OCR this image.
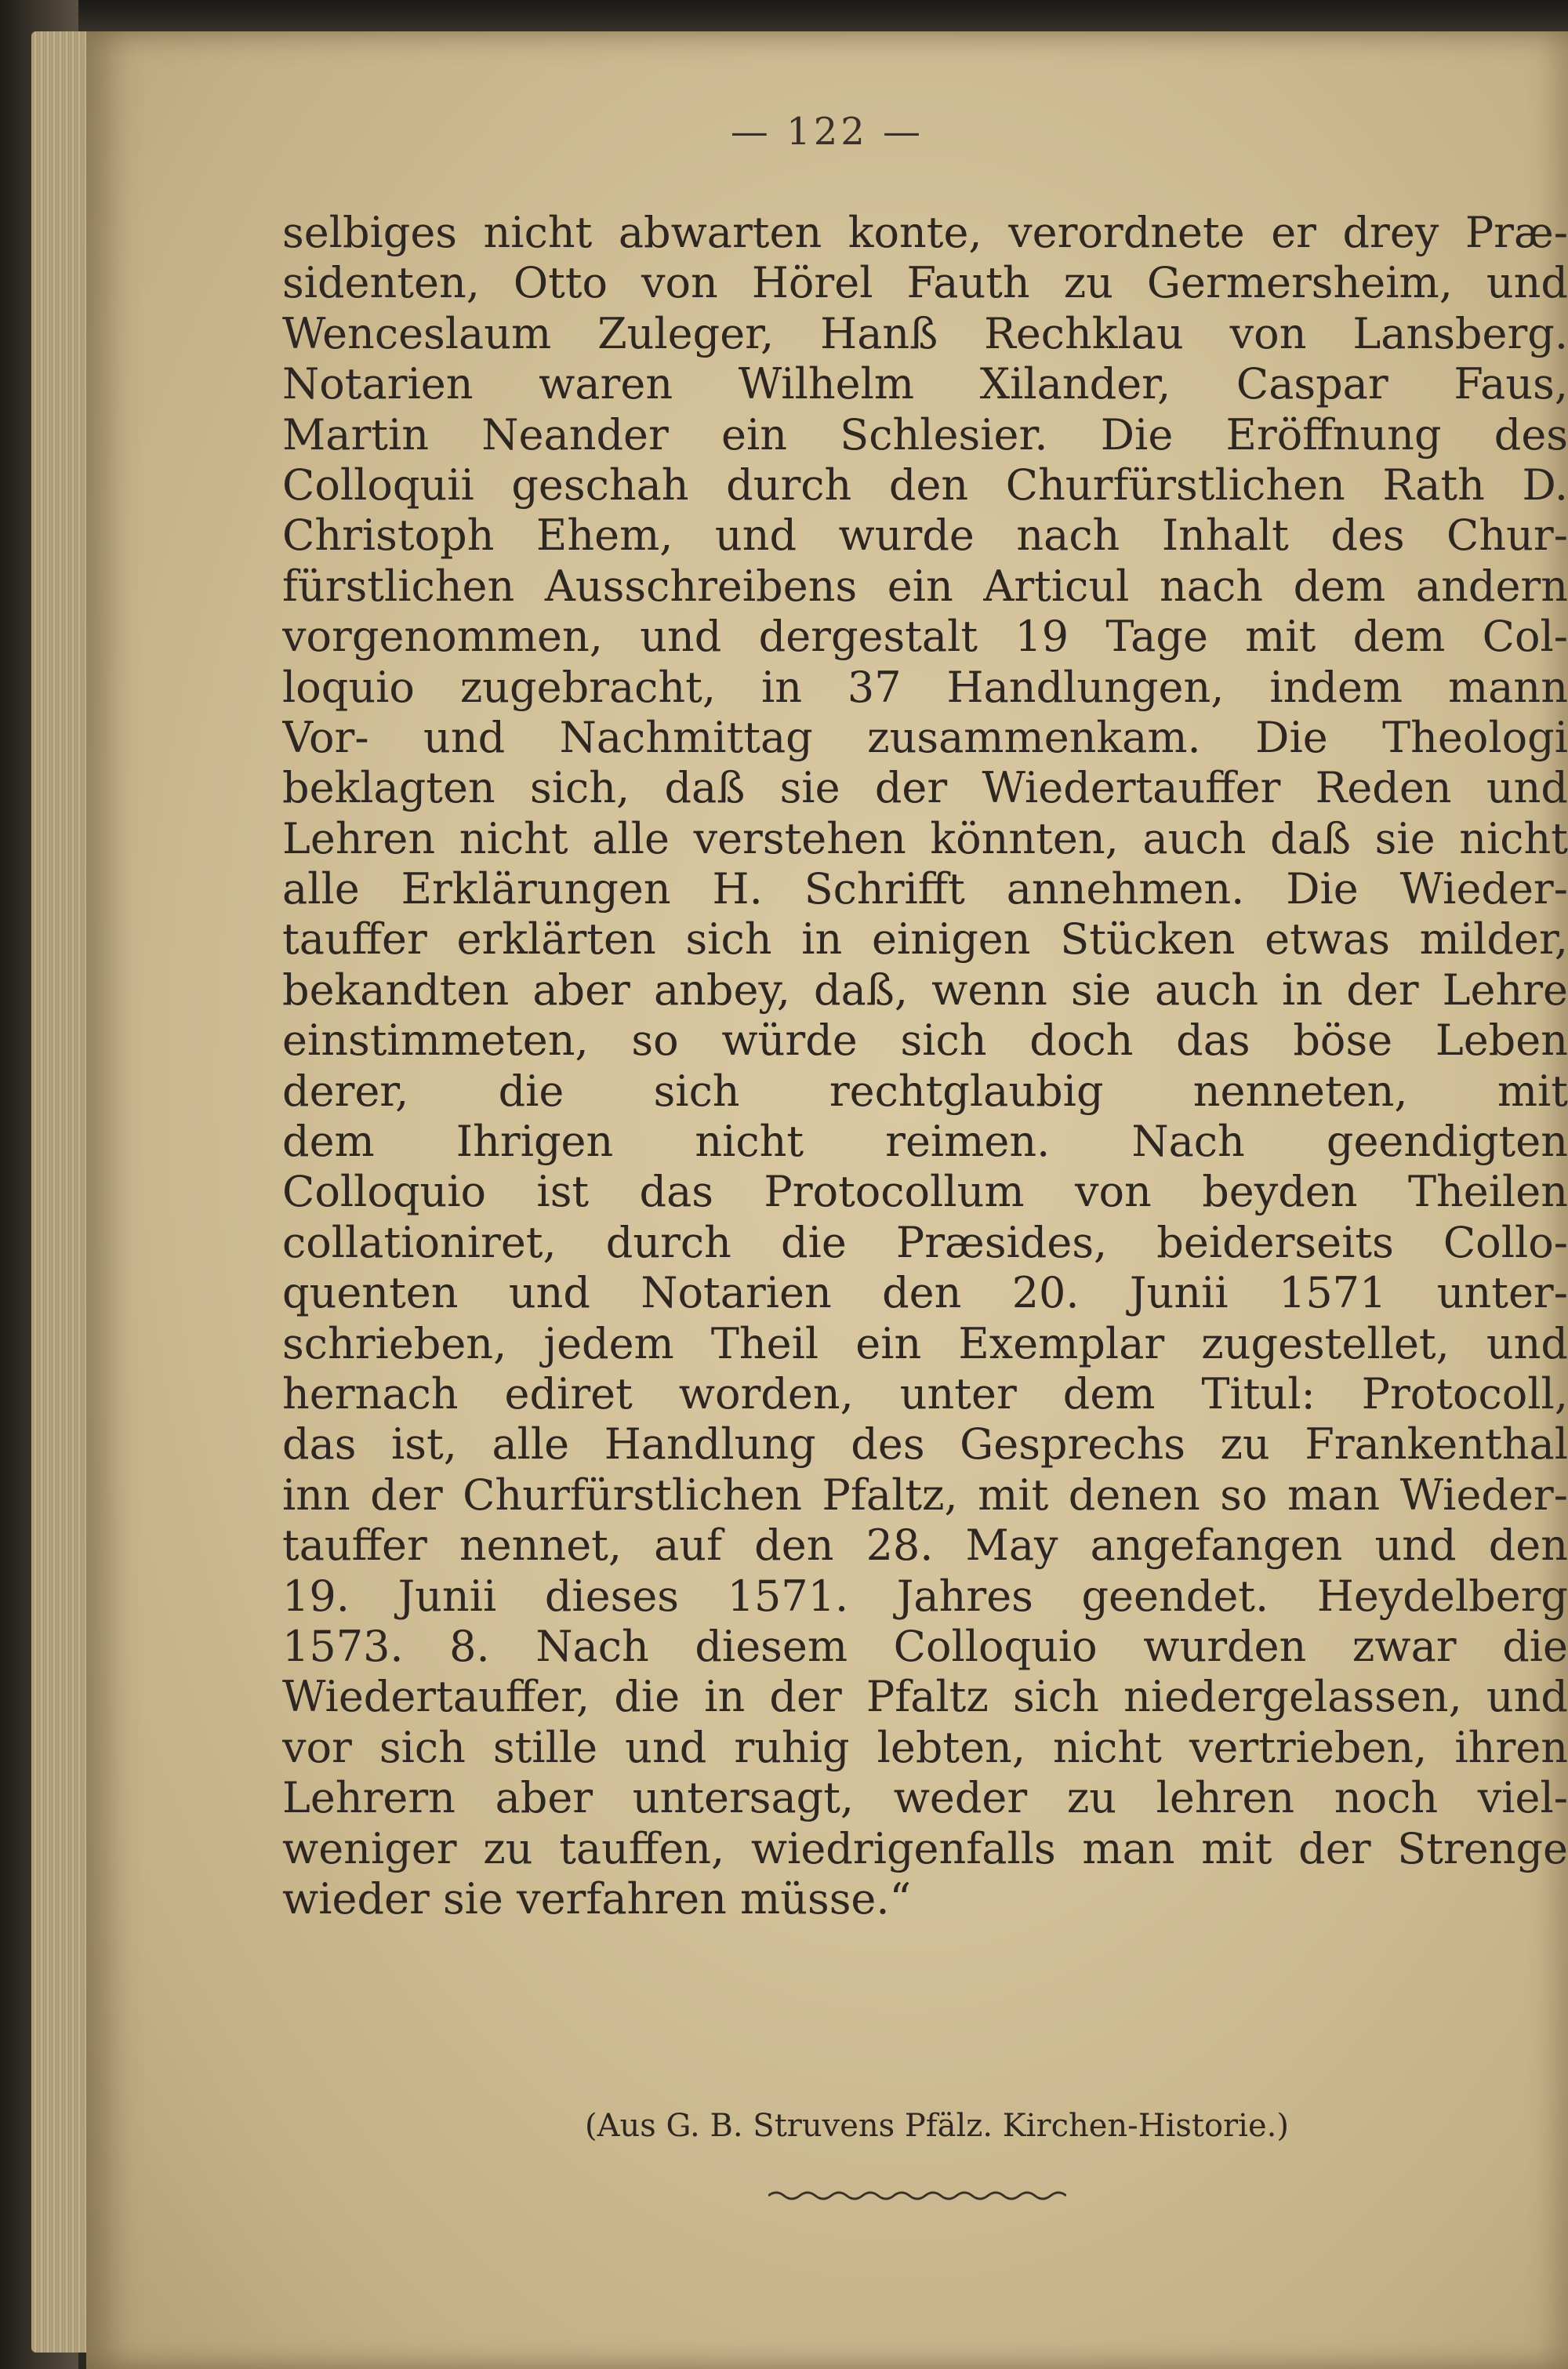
— 122 —
selbiges nicht abwarten konte, verordnete er drey Præ-
sidenten, Otto von Hörel Fauth zu Germersheim, und
Wenceslaum Zuleger, Hanß Rechklau von Lansberg.
Notarien waren Wilhelm Xilander, Caspar Faus,
Martin Neander ein Schlesier. Die Eröffnung des
Colloquii geschah durch den Churfürstlichen Rath D.
Christoph Ehem, und wurde nach Inhalt des Chur-
fürstlichen Ausschreibens ein Articul nach dem andern
vorgenommen, und dergestalt 19 Tage mit dem Col-
loquio zugebracht, in 37 Handlungen, indem mann
Vor- und Nachmittag zusammenkam. Die Theologi
beklagten sich, daß sie der Wiedertauffer Reden und
Lehren nicht alle verstehen könnten, auch daß sie nicht
alle Erklärungen H. Schrifft annehmen. Die Wieder-
tauffer erklärten sich in einigen Stücken etwas milder,
bekandten aber anbey, daß, wenn sie auch in der Lehre
einstimmeten, so würde sich doch das böse Leben
derer, die sich rechtglaubig nenneten, mit
dem Ihrigen nicht reimen. Nach geendigten
Colloquio ist das Protocollum von beyden Theilen
collationiret, durch die Præsides, beiderseits Collo-
quenten und Notarien den 20. Junii 1571 unter-
schrieben, jedem Theil ein Exemplar zugestellet, und
hernach ediret worden, unter dem Titul: Protocoll,
das ist, alle Handlung des Gesprechs zu Frankenthal
inn der Churfürstlichen Pfaltz, mit denen so man Wieder-
tauffer nennet, auf den 28. May angefangen und den
19. Junii dieses 1571. Jahres geendet. Heydelberg
1573. 8. Nach diesem Colloquio wurden zwar die
Wiedertauffer, die in der Pfaltz sich niedergelassen, und
vor sich stille und ruhig lebten, nicht vertrieben, ihren
Lehrern aber untersagt, weder zu lehren noch viel-
weniger zu tauffen, wiedrigenfalls man mit der Strenge
wieder sie verfahren müsse.“
(Aus G. B. Struvens Pfälz. Kirchen-Historie.)
